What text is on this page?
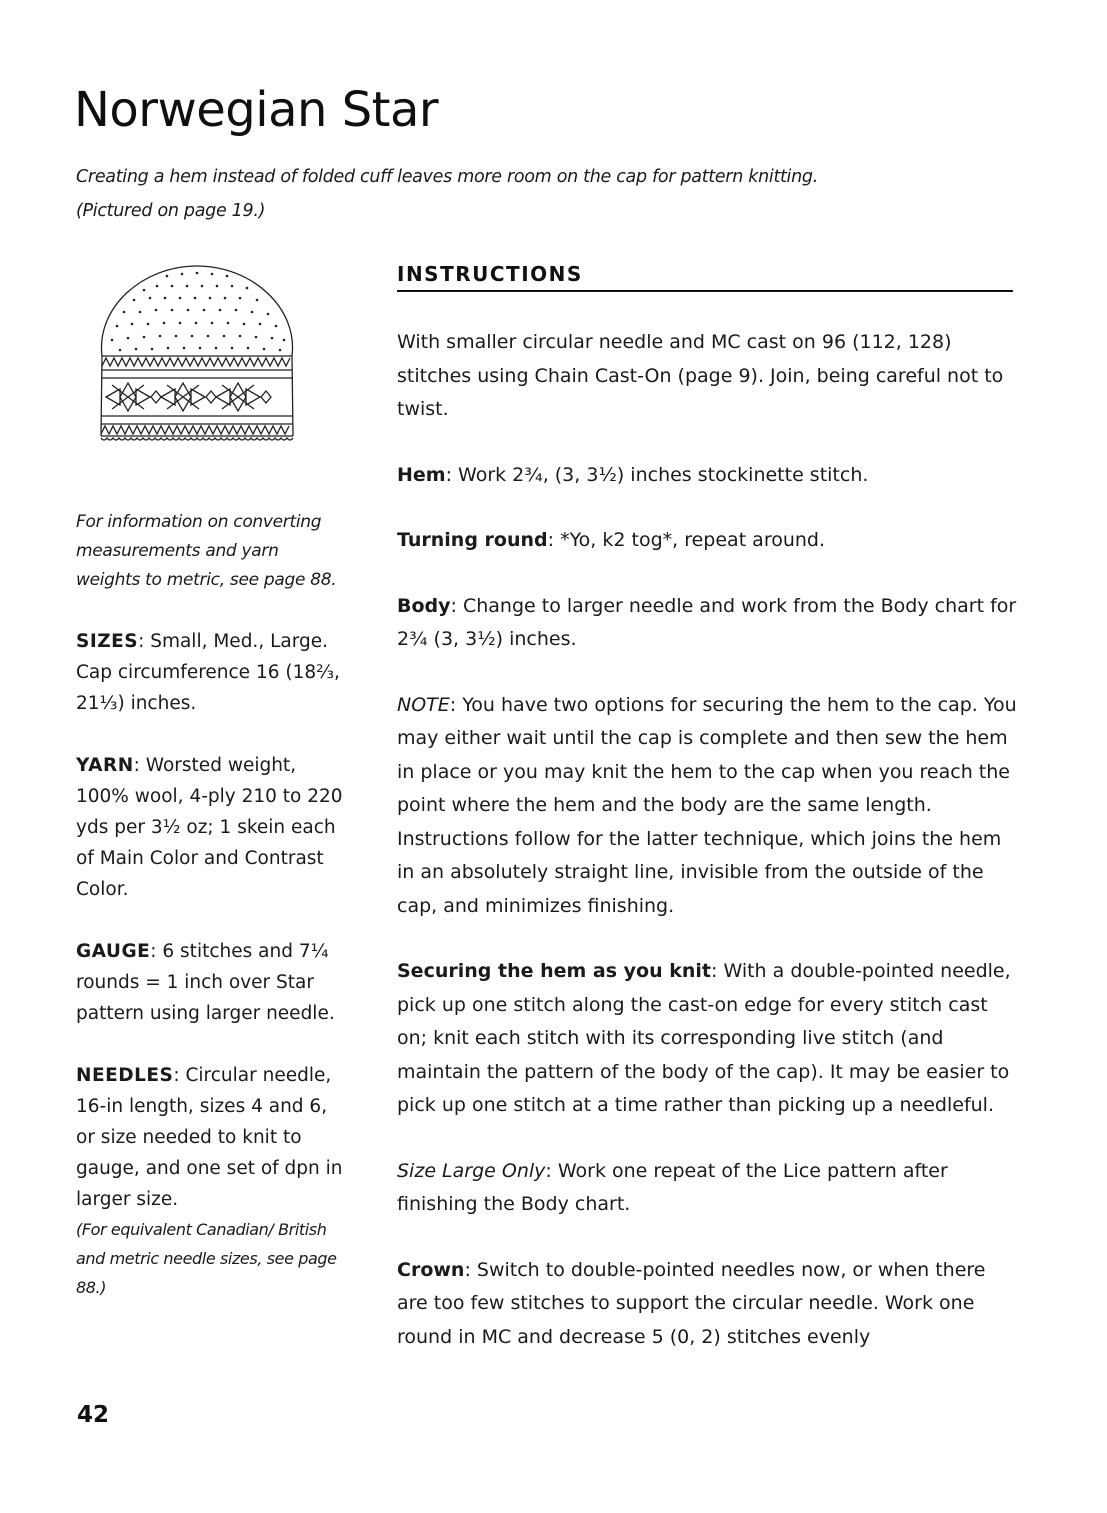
Norwegian Star
Creating a hem instead of folded cuff leaves more room on the cap for pattern knitting.
(Pictured on page 19.)

For information on converting measurements and yarn weights to metric, see page 88.

SIZES: Small, Med., Large. Cap circumference 16 (18⅔, 21⅓) inches.

YARN: Worsted weight, 100% wool, 4-ply 210 to 220 yds per 3½ oz; 1 skein each of Main Color and Contrast Color.

GAUGE: 6 stitches and 7¼ rounds = 1 inch over Star pattern using larger needle.

NEEDLES: Circular needle, 16-in length, sizes 4 and 6, or size needed to knit to gauge, and one set of dpn in larger size.
(For equivalent Canadian/ British and metric needle sizes, see page 88.)

42
INSTRUCTIONS

With smaller circular needle and MC cast on 96 (112, 128) stitches using Chain Cast-On (page 9). Join, being careful not to twist.

Hem: Work 2¾, (3, 3½) inches stockinette stitch.

Turning round: *Yo, k2 tog*, repeat around.

Body: Change to larger needle and work from the Body chart for 2¾ (3, 3½) inches.

NOTE: You have two options for securing the hem to the cap. You may either wait until the cap is complete and then sew the hem in place or you may knit the hem to the cap when you reach the point where the hem and the body are the same length. Instructions follow for the latter technique, which joins the hem in an absolutely straight line, invisible from the outside of the cap, and minimizes finishing.

Securing the hem as you knit: With a double-pointed needle, pick up one stitch along the cast-on edge for every stitch cast on; knit each stitch with its corresponding live stitch (and maintain the pattern of the body of the cap). It may be easier to pick up one stitch at a time rather than picking up a needleful.

Size Large Only: Work one repeat of the Lice pattern after finishing the Body chart.

Crown: Switch to double-pointed needles now, or when there are too few stitches to support the circular needle. Work one round in MC and decrease 5 (0, 2) stitches evenly
